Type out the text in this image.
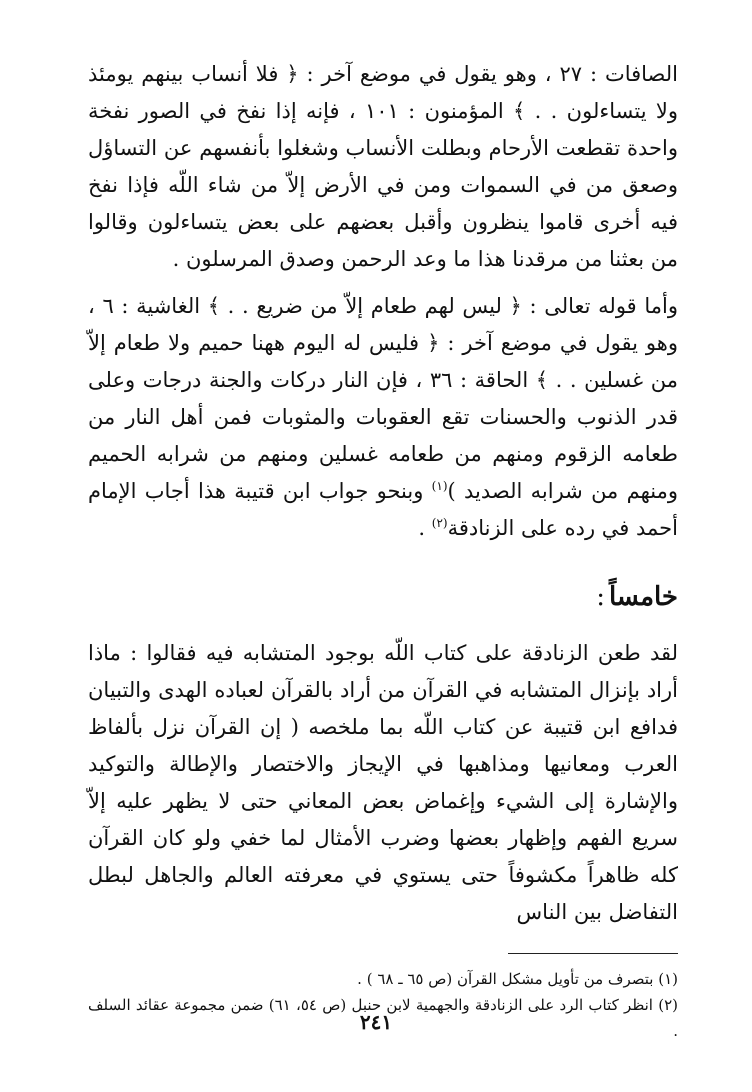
الصافات : ٢٧ ، وهو يقول في موضع آخر : ﴿ فلا أنساب بينهم يومئذ ولا يتساءلون . . ﴾ المؤمنون : ١٠١ ، فإنه إذا نفخ في الصور نفخة واحدة تقطعت الأرحام وبطلت الأنساب وشغلوا بأنفسهم عن التساؤل وصعق من في السموات ومن في الأرض إلاّ من شاء اللّه فإذا نفخ فيه أخرى قاموا ينظرون وأقبل بعضهم على بعض يتساءلون وقالوا من بعثنا من مرقدنا هذا ما وعد الرحمن وصدق المرسلون .

وأما قوله تعالى : ﴿ ليس لهم طعام إلاّ من ضريع . . ﴾ الغاشية : ٦ ، وهو يقول في موضع آخر : ﴿ فليس له اليوم ههنا حميم ولا طعام إلاّ من غسلين . . ﴾ الحاقة : ٣٦ ، فإن النار دركات والجنة درجات وعلى قدر الذنوب والحسنات تقع العقوبات والمثوبات فمن أهل النار من طعامه الزقوم ومنهم من طعامه غسلين ومنهم من شرابه الحميم ومنهم من شرابه الصديد )$^{(١)}$ وبنحو جواب ابن قتيبة هذا أجاب الإمام أحمد في رده على الزنادقة$^{(٢)}$ .

خامساً:

لقد طعن الزنادقة على كتاب اللّه بوجود المتشابه فيه فقالوا : ماذا أراد بإنزال المتشابه في القرآن من أراد بالقرآن لعباده الهدى والتبيان فدافع ابن قتيبة عن كتاب اللّه بما ملخصه ( إن القرآن نزل بألفاظ العرب ومعانيها ومذاهبها في الإيجاز والاختصار والإطالة والتوكيد والإشارة إلى الشيء وإغماض بعض المعاني حتى لا يظهر عليه إلاّ سريع الفهم وإظهار بعضها وضرب الأمثال لما خفي ولو كان القرآن كله ظاهراً مكشوفاً حتى يستوي في معرفته العالم والجاهل لبطل التفاضل بين الناس

(١) بتصرف من تأويل مشكل القرآن (ص ٦٥ ـ ٦٨ ) .

(٢) انظر كتاب الرد على الزنادقة والجهمية لابن حنبل (ص ٥٤، ٦١) ضمن مجموعة عقائد السلف .

٢٤١
